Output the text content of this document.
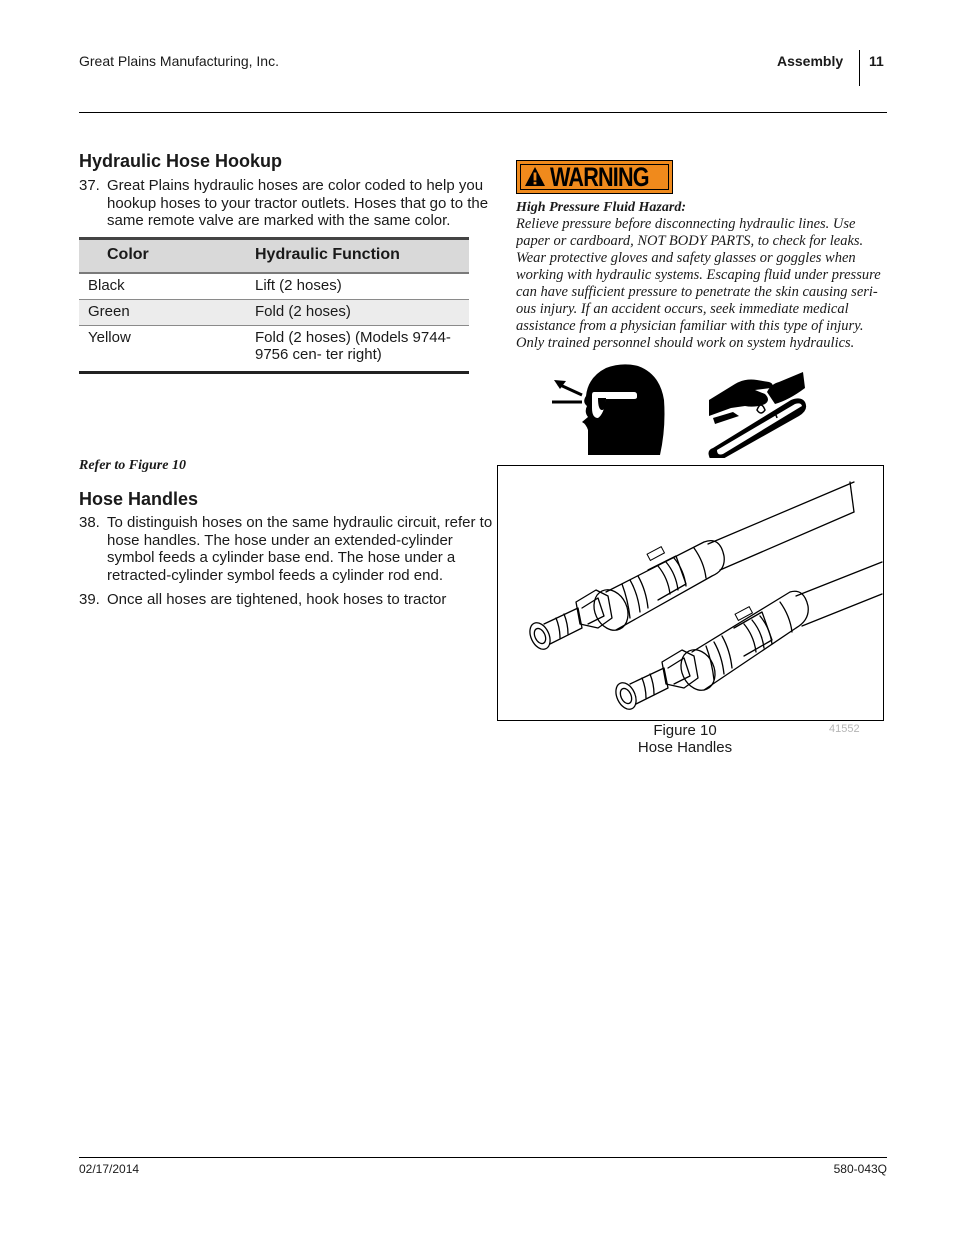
Great Plains Manufacturing, Inc.	Assembly 11
Hydraulic Hose Hookup
37. Great Plains hydraulic hoses are color coded to help you hookup hoses to your tractor outlets. Hoses that go to the same remote valve are marked with the same color.
Color	Hydraulic Function
Black	Lift (2 hoses)
Green	Fold (2 hoses)
Yellow	Fold (2 hoses) (Models 9744-9756 cen- ter right)
Refer to Figure 10
Hose Handles
38. To distinguish hoses on the same hydraulic circuit, refer to hose handles. The hose under an extended-cylinder symbol feeds a cylinder base end. The hose under a retracted-cylinder symbol feeds a cylinder rod end.
39. Once all hoses are tightened, hook hoses to tractor
WARNING
High Pressure Fluid Hazard:
Relieve pressure before disconnecting hydraulic lines. Use
paper or cardboard, NOT BODY PARTS, to check for leaks.
Wear protective gloves and safety glasses or goggles when
working with hydraulic systems. Escaping fluid under pressure
can have sufficient pressure to penetrate the skin causing seri-
ous injury. If an accident occurs, seek immediate medical
assistance from a physician familiar with this type of injury.
Only trained personnel should work on system hydraulics.
Figure 10
Hose Handles
41552
02/17/2014	580-043Q
